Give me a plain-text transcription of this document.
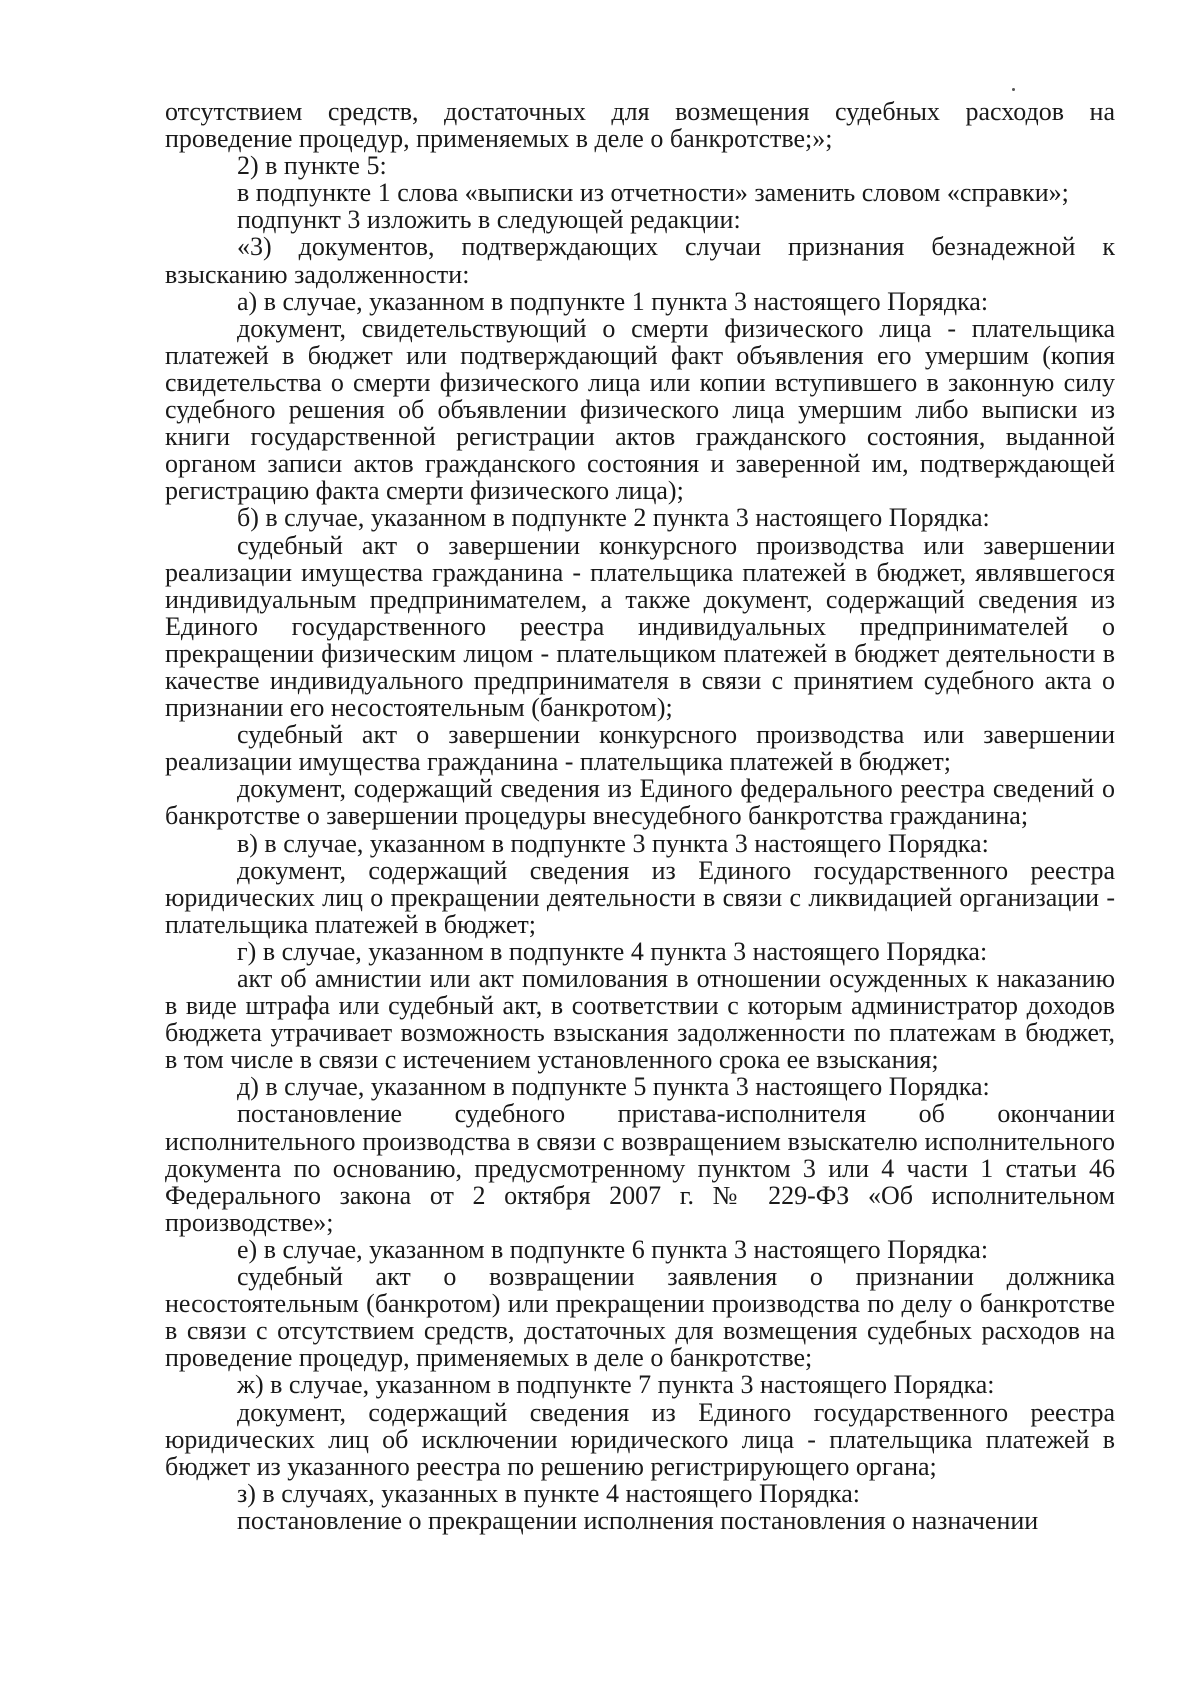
отсутствием средств, достаточных для возмещения судебных расходов на проведение процедур, применяемых в деле о банкротстве;»;

2) в пункте 5:

в подпункте 1 слова «выписки из отчетности» заменить словом «справки»;

подпункт 3 изложить в следующей редакции:

«3) документов, подтверждающих случаи признания безнадежной к взысканию задолженности:

а) в случае, указанном в подпункте 1 пункта 3 настоящего Порядка:

документ, свидетельствующий о смерти физического лица - плательщика платежей в бюджет или подтверждающий факт объявления его умершим (копия свидетельства о смерти физического лица или копии вступившего в законную силу судебного решения об объявлении физического лица умершим либо выписки из книги государственной регистрации актов гражданского состояния, выданной органом записи актов гражданского состояния и заверенной им, подтверждающей регистрацию факта смерти физического лица);

б) в случае, указанном в подпункте 2 пункта 3 настоящего Порядка:

судебный акт о завершении конкурсного производства или завершении реализации имущества гражданина - плательщика платежей в бюджет, являвшегося индивидуальным предпринимателем, а также документ, содержащий сведения из Единого государственного реестра индивидуальных предпринимателей о прекращении физическим лицом - плательщиком платежей в бюджет деятельности в качестве индивидуального предпринимателя в связи с принятием судебного акта о признании его несостоятельным (банкротом);

судебный акт о завершении конкурсного производства или завершении реализации имущества гражданина - плательщика платежей в бюджет;

документ, содержащий сведения из Единого федерального реестра сведений о банкротстве о завершении процедуры внесудебного банкротства гражданина;

в) в случае, указанном в подпункте 3 пункта 3 настоящего Порядка:

документ, содержащий сведения из Единого государственного реестра юридических лиц о прекращении деятельности в связи с ликвидацией организации - плательщика платежей в бюджет;

г) в случае, указанном в подпункте 4 пункта 3 настоящего Порядка:

акт об амнистии или акт помилования в отношении осужденных к наказанию в виде штрафа или судебный акт, в соответствии с которым администратор доходов бюджета утрачивает возможность взыскания задолженности по платежам в бюджет, в том числе в связи с истечением установленного срока ее взыскания;

д) в случае, указанном в подпункте 5 пункта 3 настоящего Порядка:

постановление судебного пристава-исполнителя об окончании исполнительного производства в связи с возвращением взыскателю исполнительного документа по основанию, предусмотренному пунктом 3 или 4 части 1 статьи 46 Федерального закона от 2 октября 2007 г. № 229-ФЗ «Об исполнительном производстве»;

е) в случае, указанном в подпункте 6 пункта 3 настоящего Порядка:

судебный акт о возвращении заявления о признании должника несостоятельным (банкротом) или прекращении производства по делу о банкротстве в связи с отсутствием средств, достаточных для возмещения судебных расходов на проведение процедур, применяемых в деле о банкротстве;

ж) в случае, указанном в подпункте 7 пункта 3 настоящего Порядка:

документ, содержащий сведения из Единого государственного реестра юридических лиц об исключении юридического лица - плательщика платежей в бюджет из указанного реестра по решению регистрирующего органа;

з) в случаях, указанных в пункте 4 настоящего Порядка:

постановление о прекращении исполнения постановления о назначении
